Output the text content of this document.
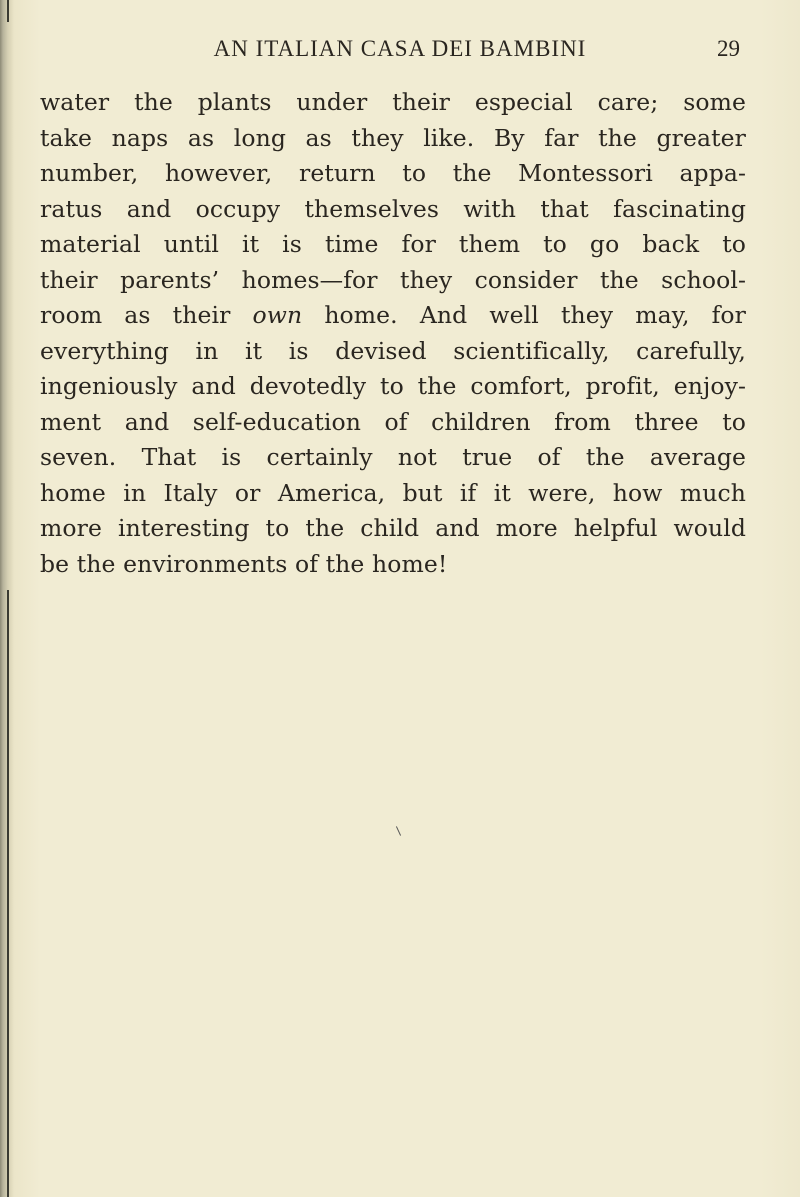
AN ITALIAN CASA DEI BAMBINI	29
water the plants under their especial care; some
take naps as long as they like. By far the greater
number, however, return to the Montessori appa-
ratus and occupy themselves with that fascinating
material until it is time for them to go back to
their parents’ homes—for they consider the school-
room as their own home. And well they may, for
everything in it is devised scientifically, carefully,
ingeniously and devotedly to the comfort, profit, enjoy-
ment and self-education of children from three to
seven. That is certainly not true of the average
home in Italy or America, but if it were, how much
more interesting to the child and more helpful would
be the environments of the home!
